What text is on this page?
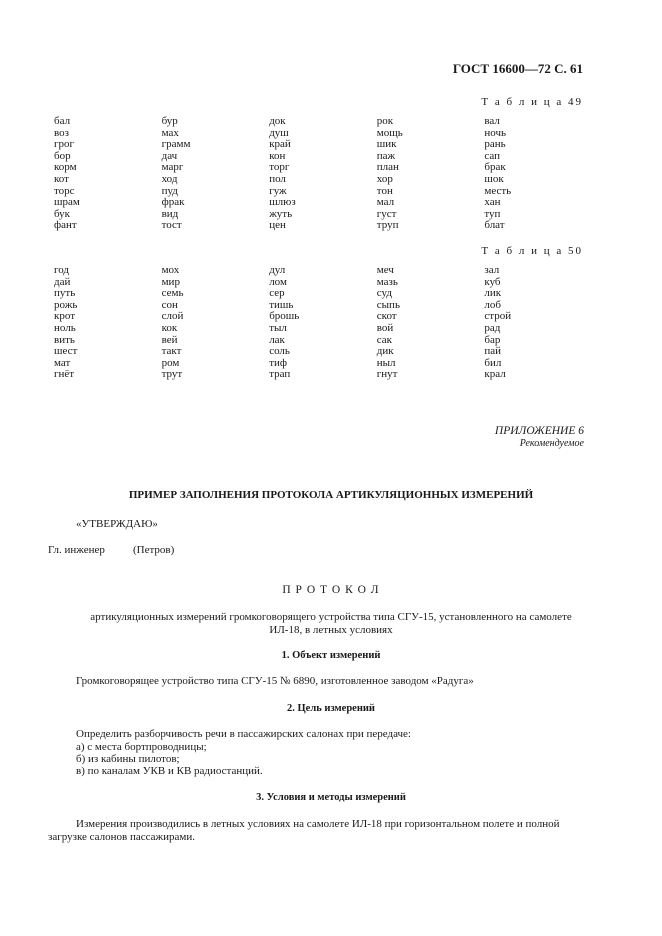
ГОСТ 16600—72 С. 61
Т а б л и ц а 49
бал	бур	док	рок	вал
воз	мах	душ	мощь	ночь
грог	грамм	край	шик	рань
бор	дач	кон	паж	сап
корм	марг	торг	план	брак
кот	ход	пол	хор	шок
торс	пуд	гуж	тон	месть
шрам	фрак	шлюз	мал	хан
бук	вид	жуть	густ	туп
фант	тост	цен	труп	блат
Т а б л и ц а 50
год	мох	дул	меч	зал
дай	мир	лом	мазь	куб
путь	семь	сер	суд	лик
рожь	сон	тишь	сыпь	лоб
крот	слой	брошь	скот	строй
ноль	кок	тыл	вой	рад
вить	вей	лак	сак	бар
шест	такт	соль	дик	пай
мат	ром	тиф	ныл	бил
гнёт	трут	трап	гнут	крал
ПРИЛОЖЕНИЕ 6
Рекомендуемое
ПРИМЕР ЗАПОЛНЕНИЯ ПРОТОКОЛА АРТИКУЛЯЦИОННЫХ ИЗМЕРЕНИЙ
«УТВЕРЖДАЮ»
Гл. инженер	(Петров)
П Р О Т О К О Л
артикуляционных измерений громкоговорящего устройства типа СГУ-15, установленного на самолете
ИЛ-18, в летных условиях
1. Объект измерений
Громкоговорящее устройство типа СГУ-15 № 6890, изготовленное заводом «Радуга»
2. Цель измерений
Определить разборчивость речи в пассажирских салонах при передаче:
а) с места бортпроводницы;
б) из кабины пилотов;
в) по каналам УКВ и КВ радиостанций.
3. Условия и методы измерений
Измерения производились в летных условиях на самолете ИЛ-18 при горизонтальном полете и полной
загрузке салонов пассажирами.
